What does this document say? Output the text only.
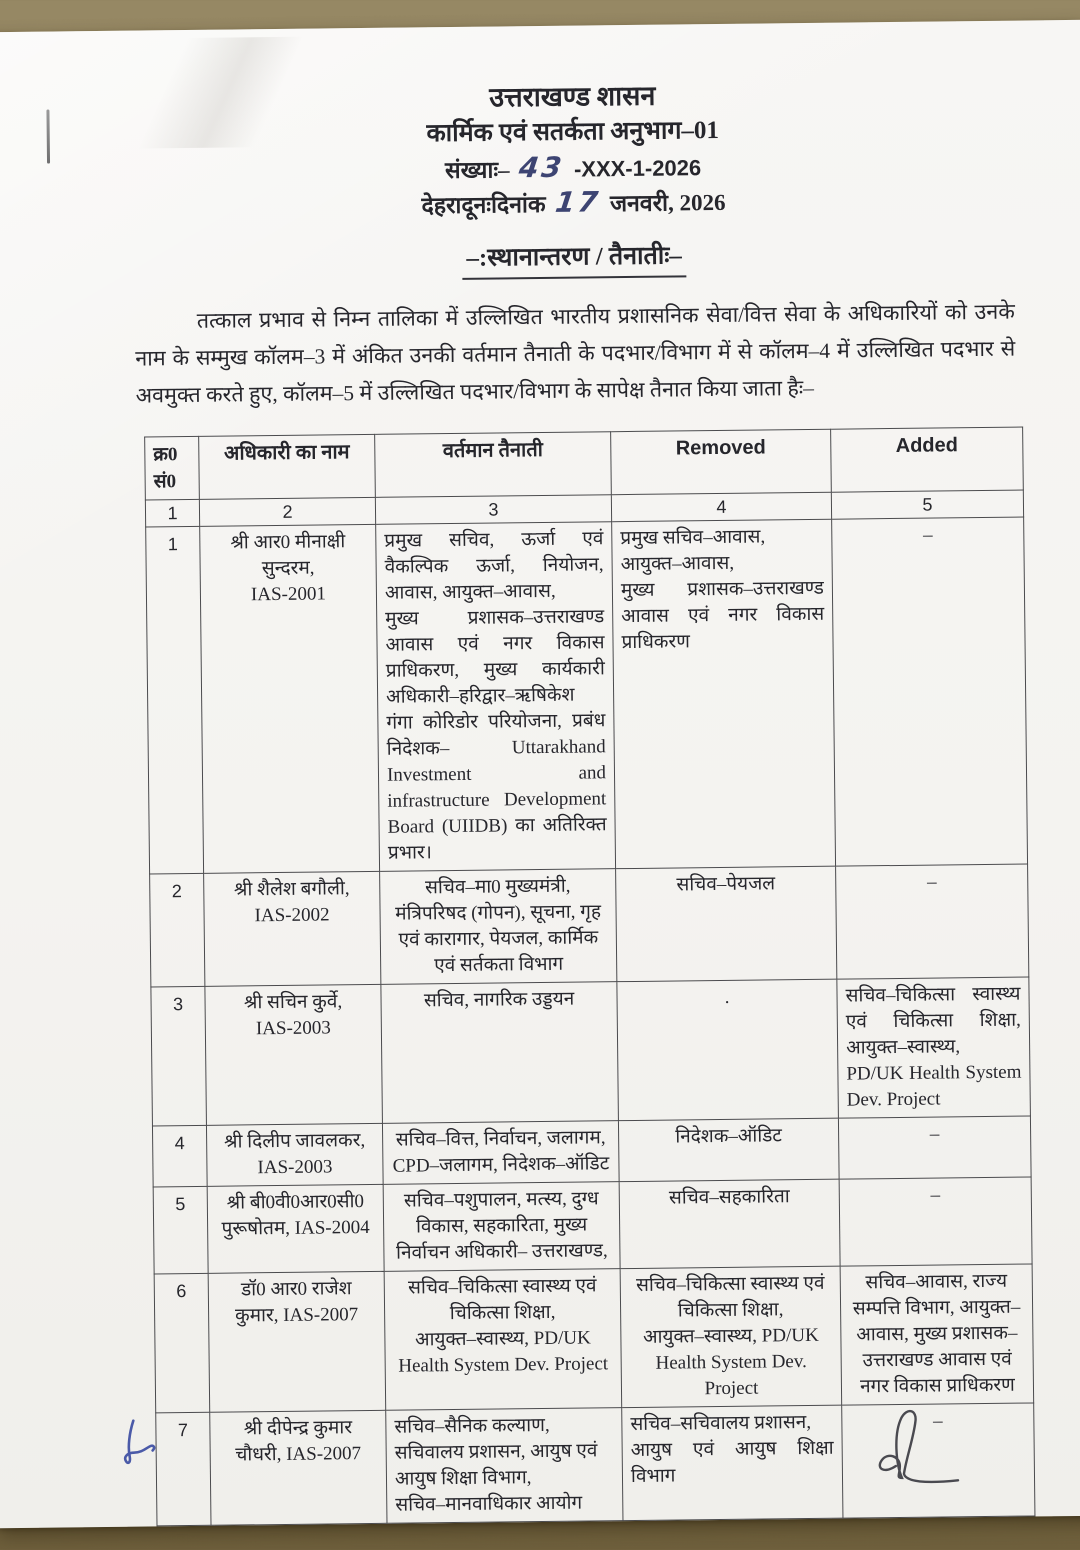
उत्तराखण्ड शासन

कार्मिक एवं सतर्कता अनुभाग–01

संख्याः– 43 -XXX-1-2026

देहरादूनःदिनांक 17 जनवरी, 2026

–:स्थानान्तरण / तैनातीः–

तत्काल प्रभाव से निम्न तालिका में उल्लिखित भारतीय प्रशासनिक सेवा/वित्त सेवा के अधिकारियों को उनके नाम के सम्मुख कॉलम–3 में अंकित उनकी वर्तमान तैनाती के पदभार/विभाग में से कॉलम–4 में उल्लिखित पदभार से अवमुक्त करते हुए, कॉलम–5 में उल्लिखित पदभार/विभाग के सापेक्ष तैनात किया जाता हैः–

क्र0
सं0	अधिकारी का नाम	वर्तमान तैनाती	Removed	Added
1	2	3	4	5
1	श्री आर0 मीनाक्षी
सुन्दरम,
IAS-2001	प्रमुख सचिव, ऊर्जा एवं वैकल्पिक ऊर्जा, नियोजन, आवास, आयुक्त–आवास,
मुख्य प्रशासक–उत्तराखण्ड आवास एवं नगर विकास प्राधिकरण, मुख्य कार्यकारी अधिकारी–हरिद्वार–ऋषिकेश गंगा कोरिडोर परियोजना, प्रबंध निदेशक– Uttarakhand Investment and infrastructure Development Board (UIIDB) का अतिरिक्त प्रभार।	प्रमुख सचिव–आवास,
आयुक्त–आवास,
मुख्य प्रशासक–उत्तराखण्ड आवास एवं नगर विकास प्राधिकरण	–
2	श्री शैलेश बगौली,
IAS-2002	सचिव–मा0 मुख्यमंत्री, मंत्रिपरिषद (गोपन), सूचना, गृह एवं कारागार, पेयजल, कार्मिक एवं सर्तकता विभाग	सचिव–पेयजल	–
3	श्री सचिन कुर्वे,
IAS-2003	सचिव, नागरिक उड्डयन	.	सचिव–चिकित्सा स्वास्थ्य एवं चिकित्सा शिक्षा, आयुक्त–स्वास्थ्य, PD/UK Health System Dev. Project
4	श्री दिलीप जावलकर,
IAS-2003	सचिव–वित्त, निर्वाचन, जलागम, CPD–जलागम, निदेशक–ऑडिट	निदेशक–ऑडिट	–
5	श्री बी0वी0आर0सी0
पुरूषोतम, IAS-2004	सचिव–पशुपालन, मत्स्य, दुग्ध विकास, सहकारिता, मुख्य निर्वाचन अधिकारी– उत्तराखण्ड,	सचिव–सहकारिता	–
6	डॉ0 आर0 राजेश
कुमार, IAS-2007	सचिव–चिकित्सा स्वास्थ्य एवं चिकित्सा शिक्षा,
आयुक्त–स्वास्थ्य, PD/UK Health System Dev. Project	सचिव–चिकित्सा स्वास्थ्य एवं चिकित्सा शिक्षा,
आयुक्त–स्वास्थ्य, PD/UK Health System Dev. Project	सचिव–आवास, राज्य सम्पत्ति विभाग, आयुक्त– आवास, मुख्य प्रशासक– उत्तराखण्ड आवास एवं नगर विकास प्राधिकरण
7	श्री दीपेन्द्र कुमार
चौधरी, IAS-2007	सचिव–सैनिक कल्याण,
सचिवालय प्रशासन, आयुष एवं
आयुष शिक्षा विभाग,
सचिव–मानवाधिकार आयोग	सचिव–सचिवालय प्रशासन,
आयुष एवं आयुष शिक्षा विभाग	–
